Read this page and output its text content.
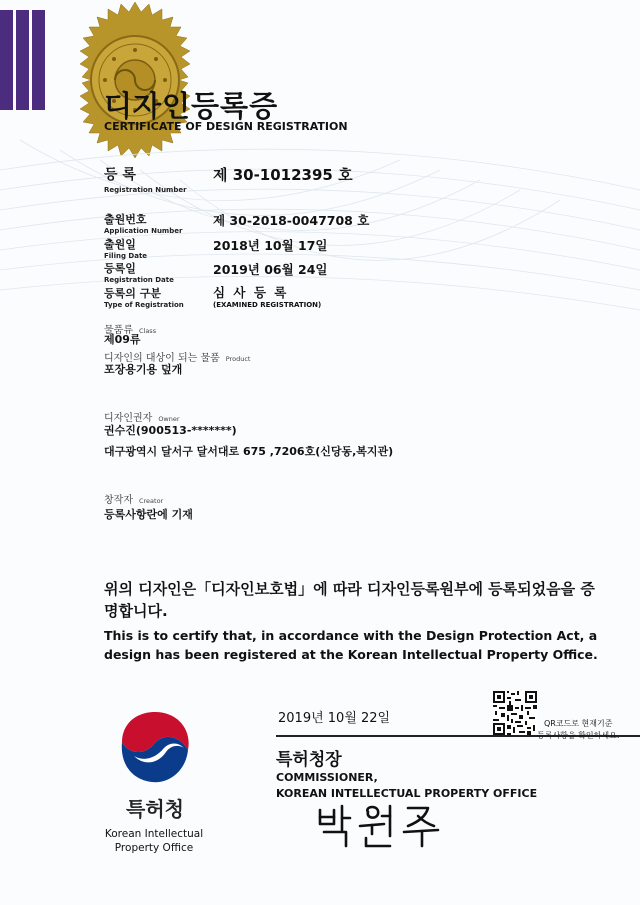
디자인등록증
CERTIFICATE OF DESIGN REGISTRATION
등 록
Registration Number
제 30-1012395 호
출원번호
Application Number
제 30-2018-0047708 호
출원일
Filing Date
2018년 10월 17일
등록일
Registration Date
2019년 06월 24일
등록의 구분
Type of Registration
심 사 등 록
(EXAMINED REGISTRATION)
물품류 Class
제09류
디자인의 대상이 되는 물품 Product
포장용기용 덮개
디자인권자 Owner
권수진(900513-*******)
대구광역시 달서구 달서대로 675 ,7206호(신당동,복지관)
창작자 Creator
등록사항란에 기재
위의 디자인은「디자인보호법」에 따라 디자인등록원부에 등록되었음을 증명합니다.
This is to certify that, in accordance with the Design Protection Act, a design has been registered at the Korean Intellectual Property Office.
2019년 10월 22일
특허청장
COMMISSIONER,
KOREAN INTELLECTUAL PROPERTY OFFICE
QR코드로 현재기준
등록사항을 확인하세요.
특허청
Korean Intellectual
Property Office
